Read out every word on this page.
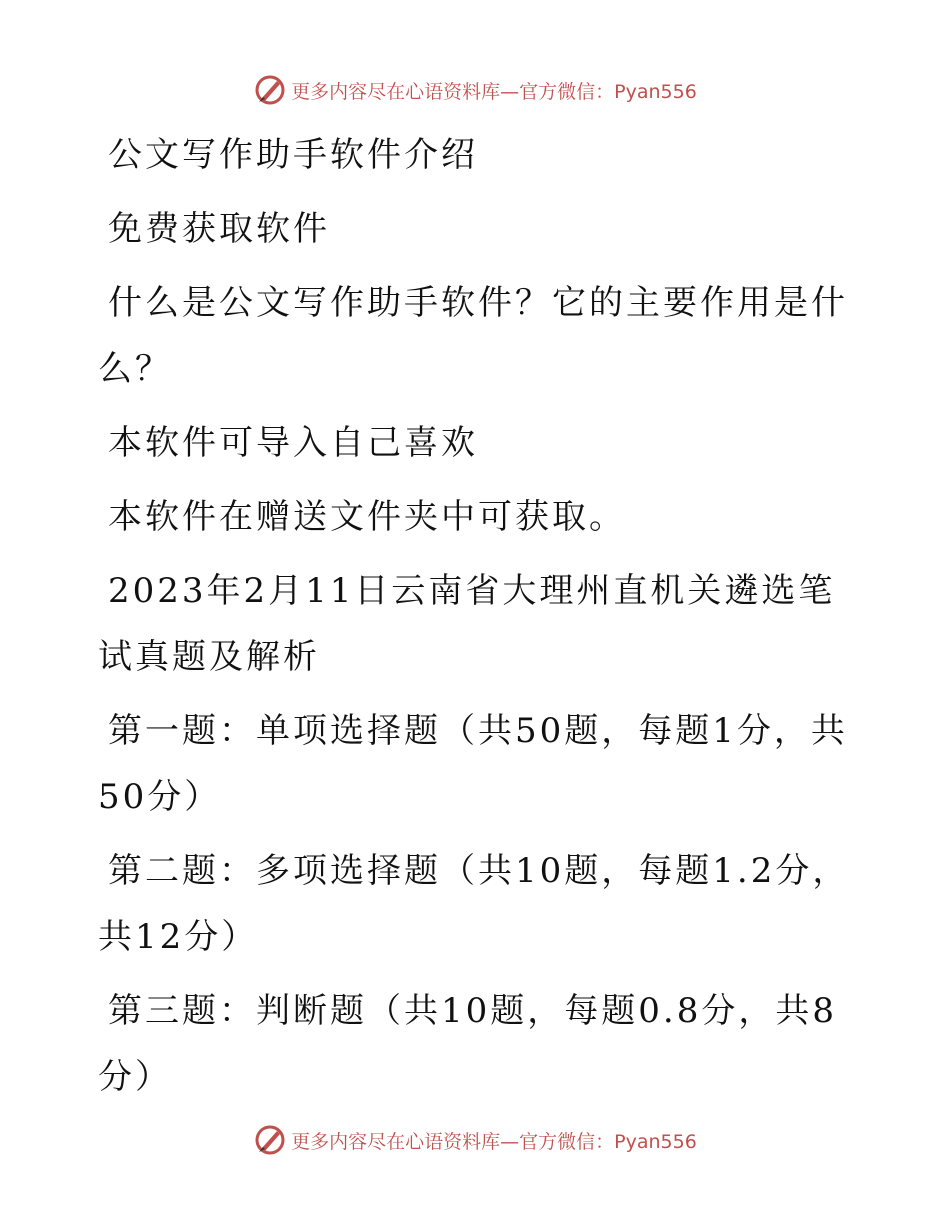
更多内容尽在心语资料库—官方微信：Pyan556

公文写作助手软件介绍

免费获取软件

什么是公文写作助手软件？它的主要作用是什么？

本软件可导入自己喜欢

本软件在赠送文件夹中可获取。

2023年2月11日云南省大理州直机关遴选笔试真题及解析

第一题：单项选择题（共50题，每题1分，共50分）

第二题：多项选择题（共10题，每题1.2分，共12分）

第三题：判断题（共10题，每题0.8分，共8分）

更多内容尽在心语资料库—官方微信：Pyan556
